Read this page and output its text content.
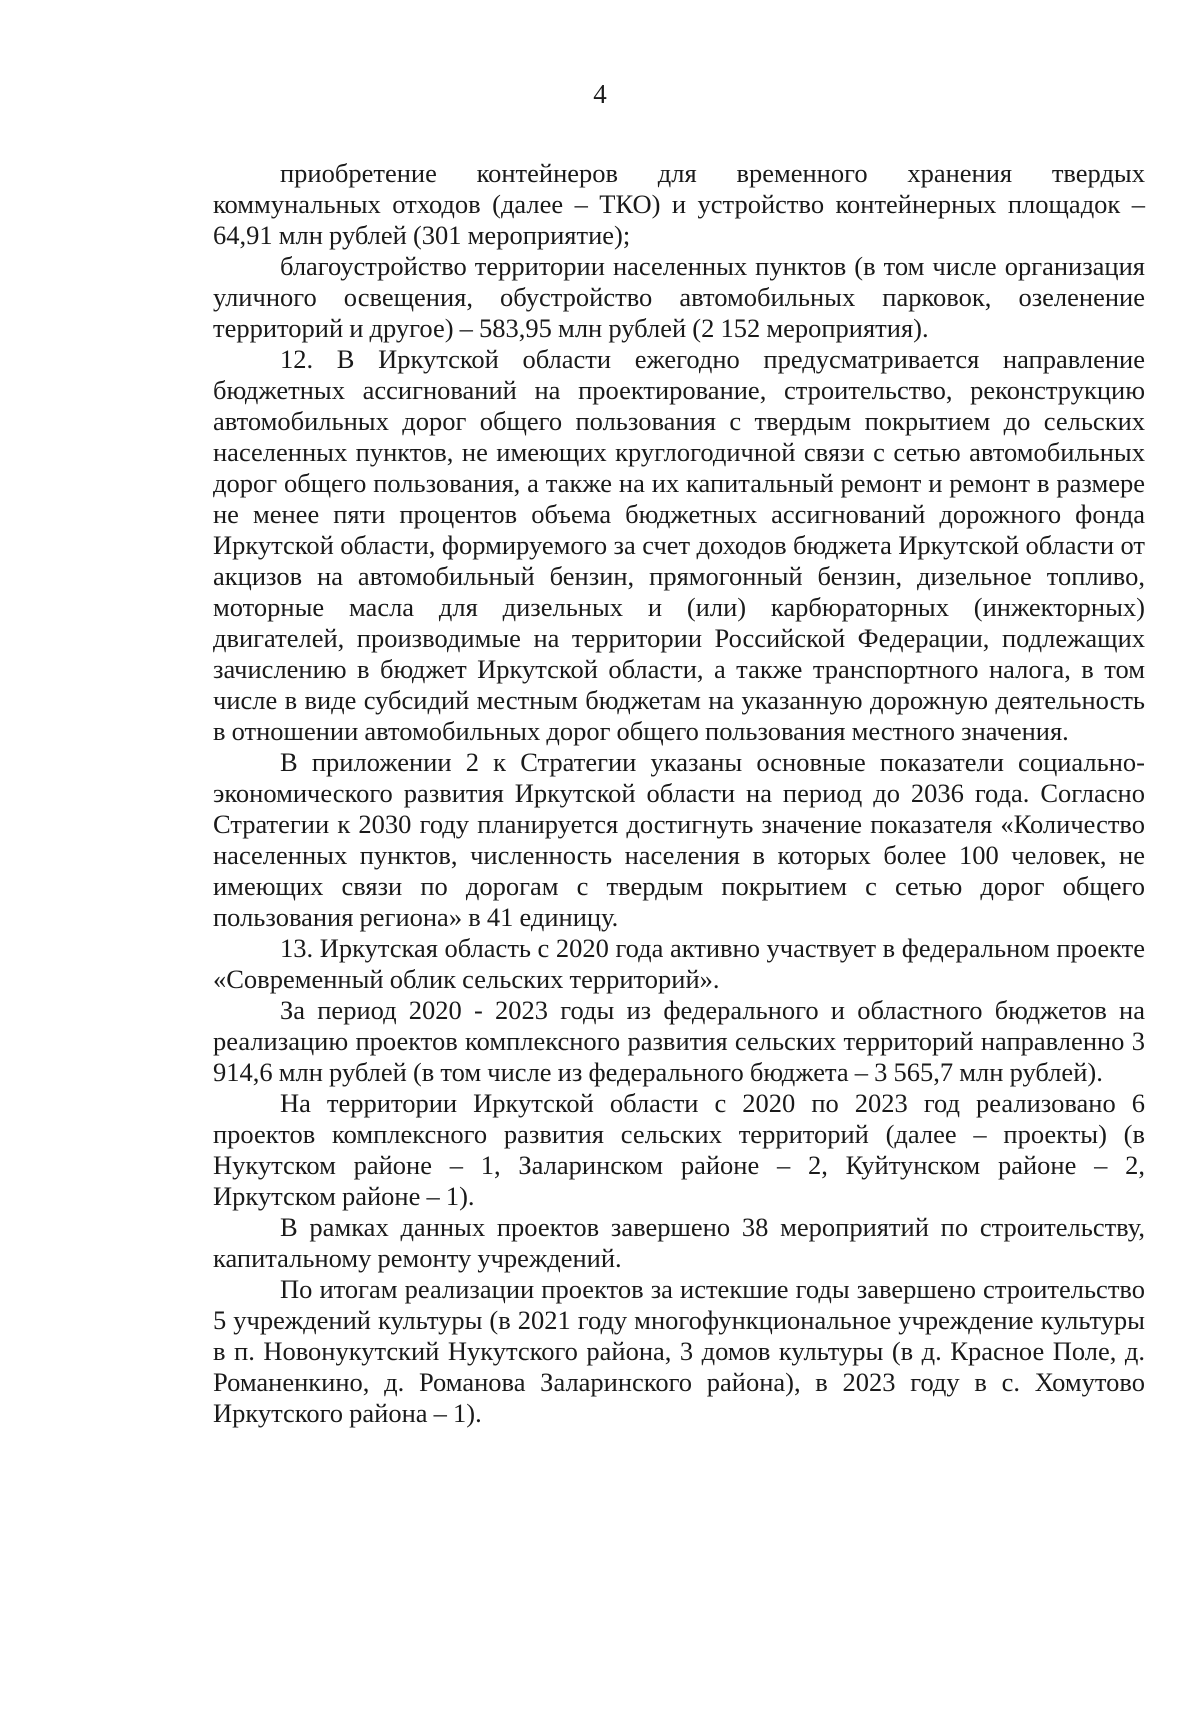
4

приобретение контейнеров для временного хранения твердых коммунальных отходов (далее – ТКО) и устройство контейнерных площадок – 64,91 млн рублей (301 мероприятие);

благоустройство территории населенных пунктов (в том числе организация уличного освещения, обустройство автомобильных парковок, озеленение территорий и другое) – 583,95 млн рублей (2 152 мероприятия).

12. В Иркутской области ежегодно предусматривается направление бюджетных ассигнований на проектирование, строительство, реконструкцию автомобильных дорог общего пользования с твердым покрытием до сельских населенных пунктов, не имеющих круглогодичной связи с сетью автомобильных дорог общего пользования, а также на их капитальный ремонт и ремонт в размере не менее пяти процентов объема бюджетных ассигнований дорожного фонда Иркутской области, формируемого за счет доходов бюджета Иркутской области от акцизов на автомобильный бензин, прямогонный бензин, дизельное топливо, моторные масла для дизельных и (или) карбюраторных (инжекторных) двигателей, производимые на территории Российской Федерации, подлежащих зачислению в бюджет Иркутской области, а также транспортного налога, в том числе в виде субсидий местным бюджетам на указанную дорожную деятельность в отношении автомобильных дорог общего пользования местного значения.

В приложении 2 к Стратегии указаны основные показатели социально-экономического развития Иркутской области на период до 2036 года. Согласно Стратегии к 2030 году планируется достигнуть значение показателя «Количество населенных пунктов, численность населения в которых более 100 человек, не имеющих связи по дорогам с твердым покрытием с сетью дорог общего пользования региона» в 41 единицу.

13. Иркутская область с 2020 года активно участвует в федеральном проекте «Современный облик сельских территорий».

За период 2020 - 2023 годы из федерального и областного бюджетов на реализацию проектов комплексного развития сельских территорий направленно 3 914,6 млн рублей (в том числе из федерального бюджета – 3 565,7 млн рублей).

На территории Иркутской области с 2020 по 2023 год реализовано 6 проектов комплексного развития сельских территорий (далее – проекты) (в Нукутском районе – 1, Заларинском районе – 2, Куйтунском районе – 2, Иркутском районе – 1).

В рамках данных проектов завершено 38 мероприятий по строительству, капитальному ремонту учреждений.

По итогам реализации проектов за истекшие годы завершено строительство 5 учреждений культуры (в 2021 году многофункциональное учреждение культуры в п. Новонукутский Нукутского района, 3 домов культуры (в д. Красное Поле, д. Романенкино, д. Романова Заларинского района), в 2023 году в с. Хомутово Иркутского района – 1).
